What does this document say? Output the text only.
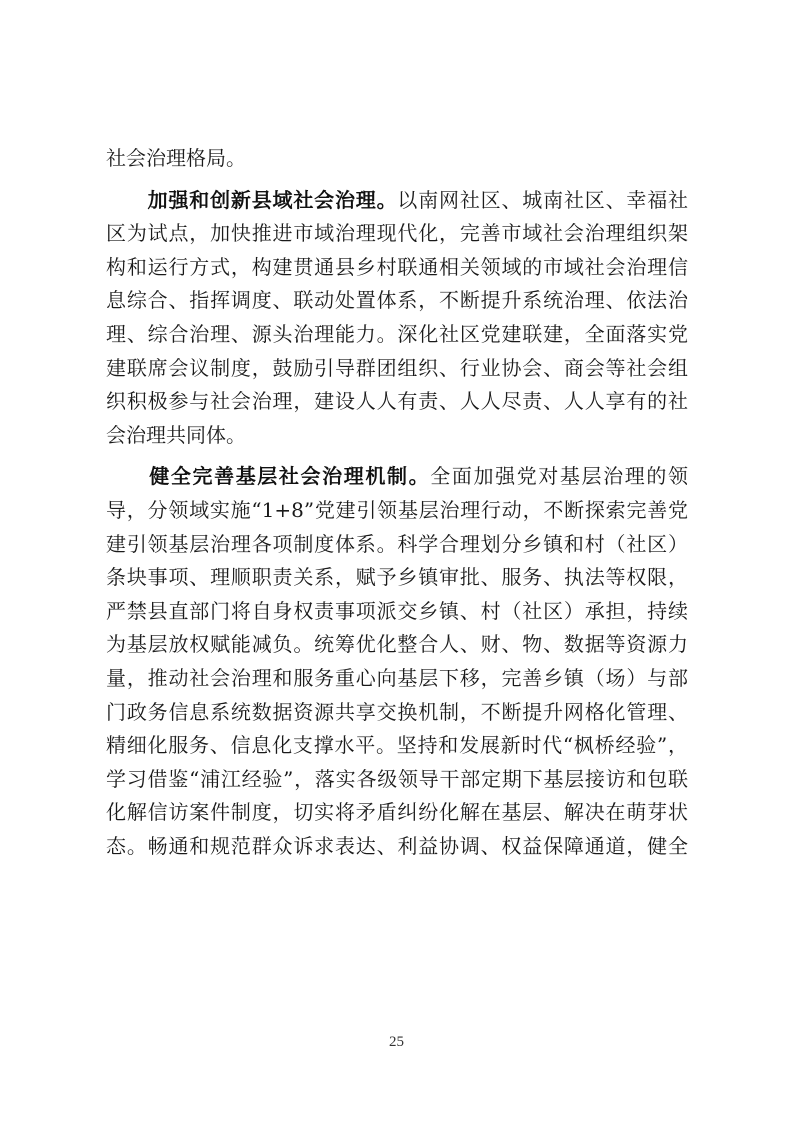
社会治理格局。
　　加强和创新县域社会治理。以南网社区、城南社区、幸福社
区为试点，加快推进市域治理现代化，完善市域社会治理组织架
构和运行方式，构建贯通县乡村联通相关领域的市域社会治理信
息综合、指挥调度、联动处置体系，不断提升系统治理、依法治
理、综合治理、源头治理能力。深化社区党建联建，全面落实党
建联席会议制度，鼓励引导群团组织、行业协会、商会等社会组
织积极参与社会治理，建设人人有责、人人尽责、人人享有的社
会治理共同体。
　　健全完善基层社会治理机制。全面加强党对基层治理的领
导，分领域实施“1+8”党建引领基层治理行动，不断探索完善党
建引领基层治理各项制度体系。科学合理划分乡镇和村（社区）
条块事项、理顺职责关系，赋予乡镇审批、服务、执法等权限，
严禁县直部门将自身权责事项派交乡镇、村（社区）承担，持续
为基层放权赋能减负。统筹优化整合人、财、物、数据等资源力
量，推动社会治理和服务重心向基层下移，完善乡镇（场）与部
门政务信息系统数据资源共享交换机制，不断提升网格化管理、
精细化服务、信息化支撑水平。坚持和发展新时代“枫桥经验”，
学习借鉴“浦江经验”，落实各级领导干部定期下基层接访和包联
化解信访案件制度，切实将矛盾纠纷化解在基层、解决在萌芽状
态。畅通和规范群众诉求表达、利益协调、权益保障通道，健全
25
